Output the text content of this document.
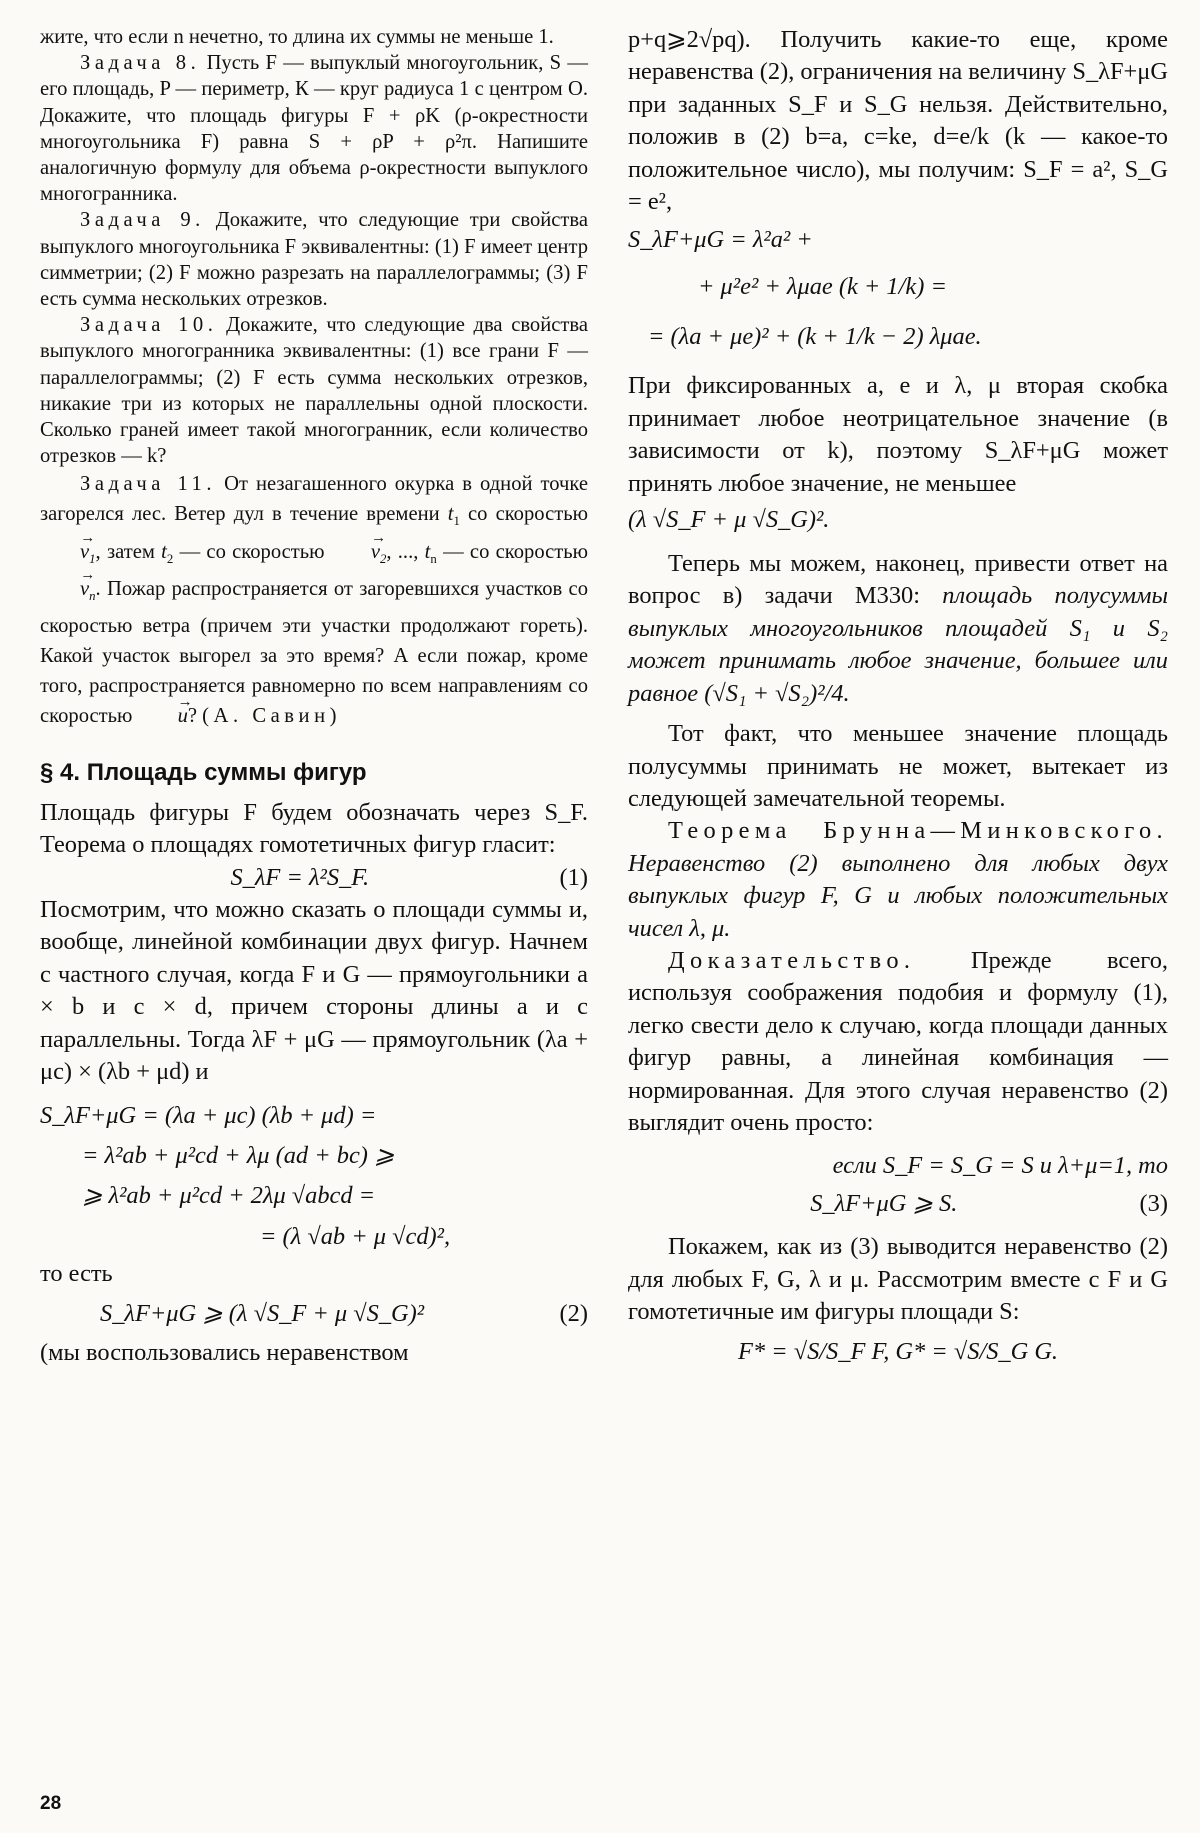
жите, что если n нечетно, то длина их суммы не меньше 1.

Задача 8. Пусть F — выпуклый многоугольник, S — его площадь, P — периметр, К — круг радиуса 1 с центром O. Докажите, что площадь фигуры F + ρK (ρ-окрестности многоугольника F) равна S + ρP + ρ²π. Напишите аналогичную формулу для объема ρ-окрестности выпуклого многогранника.

Задача 9. Докажите, что следующие три свойства выпуклого многоугольника F эквивалентны: (1) F имеет центр симметрии; (2) F можно разрезать на параллелограммы; (3) F есть сумма нескольких отрезков.

Задача 10. Докажите, что следующие два свойства выпуклого многогранника эквивалентны: (1) все грани F — параллелограммы; (2) F есть сумма нескольких отрезков, никакие три из которых не параллельны одной плоскости. Сколько граней имеет такой многогранник, если количество отрезков — k?

Задача 11. От незагашенного окурка в одной точке загорелся лес. Ветер дул в течение времени $t_1$ со скоростью → $v_1$, затем $t_2$ — со скоростью → $v_2$, ..., $t_n$ — со скоростью → $v_n$. Пожар распространяется от загоревшихся участков со скоростью ветра (причем эти участки продолжают гореть). Какой участок выгорел за это время? А если пожар, кроме того, распространяется равномерно по всем направлениям со скоростью → u? (А. Савин)

§ 4. Площадь суммы фигур

Площадь фигуры F будем обозначать через S_F. Теорема о площадях гомотетичных фигур гласит:

S_λF = λ²S_F.	(1)

Посмотрим, что можно сказать о площади суммы и, вообще, линейной комбинации двух фигур. Начнем с частного случая, когда F и G — прямоугольники a × b и c × d, причем стороны длины a и c параллельны. Тогда λF + μG — прямоугольник (λa + μc) × (λb + μd) и

S_λF+μG = (λa + μc) (λb + μd) =

= λ²ab + μ²cd + λμ (ad + bc) ⩾

⩾ λ²ab + μ²cd + 2λμ √abcd =

= (λ √ab + μ √cd)²,

то есть

S_λF+μG ⩾ (λ √S_F + μ √S_G)²	(2)

(мы воспользовались неравенством

p+q⩾2√pq). Получить какие-то еще, кроме неравенства (2), ограничения на величину S_λF+μG при заданных S_F и S_G нельзя. Действительно, положив в (2) b=a, c=ke, d=e/k (k — какое-то положительное число), мы получим: S_F = a², S_G = e²,

S_λF+μG = λ²a² +

+ μ²e² + λμae (k + 1/k) =

= (λa + μe)² + (k + 1/k − 2) λμae.

При фиксированных a, e и λ, μ вторая скобка принимает любое неотрицательное значение (в зависимости от k), поэтому S_λF+μG может принять любое значение, не меньшее

(λ √S_F + μ √S_G)².

Теперь мы можем, наконец, привести ответ на вопрос в) задачи М330: площадь полусуммы выпуклых многоугольников площадей S₁ и S₂ может принимать любое значение, большее или равное (√S₁ + √S₂)²/4.

Тот факт, что меньшее значение площадь полусуммы принимать не может, вытекает из следующей замечательной теоремы.

Теорема Брунна—Минковского. Неравенство (2) выполнено для любых двух выпуклых фигур F, G и любых положительных чисел λ, μ.

Доказательство. Прежде всего, используя соображения подобия и формулу (1), легко свести дело к случаю, когда площади данных фигур равны, а линейная комбинация — нормированная. Для этого случая неравенство (2) выглядит очень просто:

если S_F = S_G = S и λ+μ=1, то

S_λF+μG ⩾ S.	(3)

Покажем, как из (3) выводится неравенство (2) для любых F, G, λ и μ. Рассмотрим вместе с F и G гомотетичные им фигуры площади S:

F* = √S/S_F F, G* = √S/S_G G.

28
